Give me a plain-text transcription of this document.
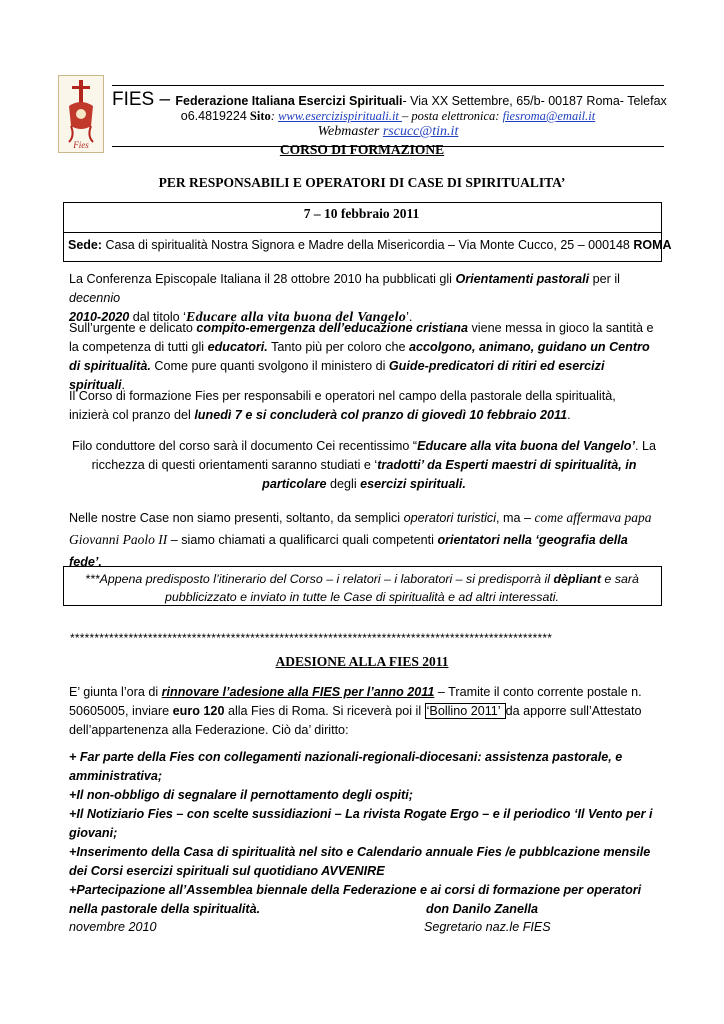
Fies
FIES – Federazione Italiana Esercizi Spirituali- Via XX Settembre, 65/b- 00187 Roma- Telefax
o6.4819224 Sito: www.esercizispirituali.it – posta elettronica: fiesroma@email.it
Webmaster rscucc@tin.it
CORSO DI FORMAZIONE
PER RESPONSABILI E OPERATORI DI CASE DI SPIRITUALITA’
7 – 10 febbraio 2011
Sede: Casa di spiritualità Nostra Signora e Madre della Misericordia – Via Monte Cucco, 25 – 000148 ROMA

La Conferenza Episcopale Italiana il 28 ottobre 2010 ha pubblicati gli Orientamenti pastorali per il decennio
2010-2020 dal titolo ‘Educare alla vita buona del Vangelo’.

Sull’urgente e delicato compito-emergenza dell’educazione cristiana viene messa in gioco la santità e la competenza di tutti gli educatori. Tanto più per coloro che accolgono, animano, guidano un Centro di spiritualità. Come pure quanti svolgono il ministero di Guide-predicatori di ritiri ed esercizi spirituali.

Il Corso di formazione Fies per responsabili e operatori nel campo della pastorale della spiritualità, inizierà col pranzo del lunedì 7 e si concluderà col pranzo di giovedì 10 febbraio 2011.

Filo conduttore del corso sarà il documento Cei recentissimo “Educare alla vita buona del Vangelo’. La ricchezza di questi orientamenti saranno studiati e ‘tradotti’ da Esperti maestri di spiritualità, in particolare degli esercizi spirituali.

Nelle nostre Case non siamo presenti, soltanto, da semplici operatori turistici, ma – come affermava papa Giovanni Paolo II – siamo chiamati a qualificarci quali competenti orientatori nella ‘geografia della fede’.

***Appena predisposto l’itinerario del Corso – i relatori – i laboratori – si predisporrà il dèpliant e sarà pubblicizzato e inviato in tutte le Case di spiritualità e ad altri interessati.
***************************************************************************************************
ADESIONE ALLA FIES 2011

E’ giunta l’ora di rinnovare l’adesione alla FIES per l’anno 2011 – Tramite il conto corrente postale n. 50605005, inviare euro 120 alla Fies di Roma. Si riceverà poi il ‘Bollino 2011’ da apporre sull’Attestato dell’appartenenza alla Federazione. Ciò da’ diritto:

+ Far parte della Fies con collegamenti nazionali-regionali-diocesani: assistenza pastorale, e amministrativa;
+Il non-obbligo di segnalare il pernottamento degli ospiti;
+Il Notiziario Fies – con scelte sussidiazioni – La rivista Rogate Ergo – e il periodico ‘Il Vento per i giovani;
+Inserimento della Casa di spiritualità nel sito e Calendario annuale Fies /e pubblcazione mensile dei Corsi esercizi spirituali sul quotidiano AVVENIRE
+Partecipazione all’Assemblea biennale della Federazione e ai corsi di formazione per operatori nella pastorale della spiritualità.	don Danilo Zanella
Segretario naz.le FIES
novembre 2010
